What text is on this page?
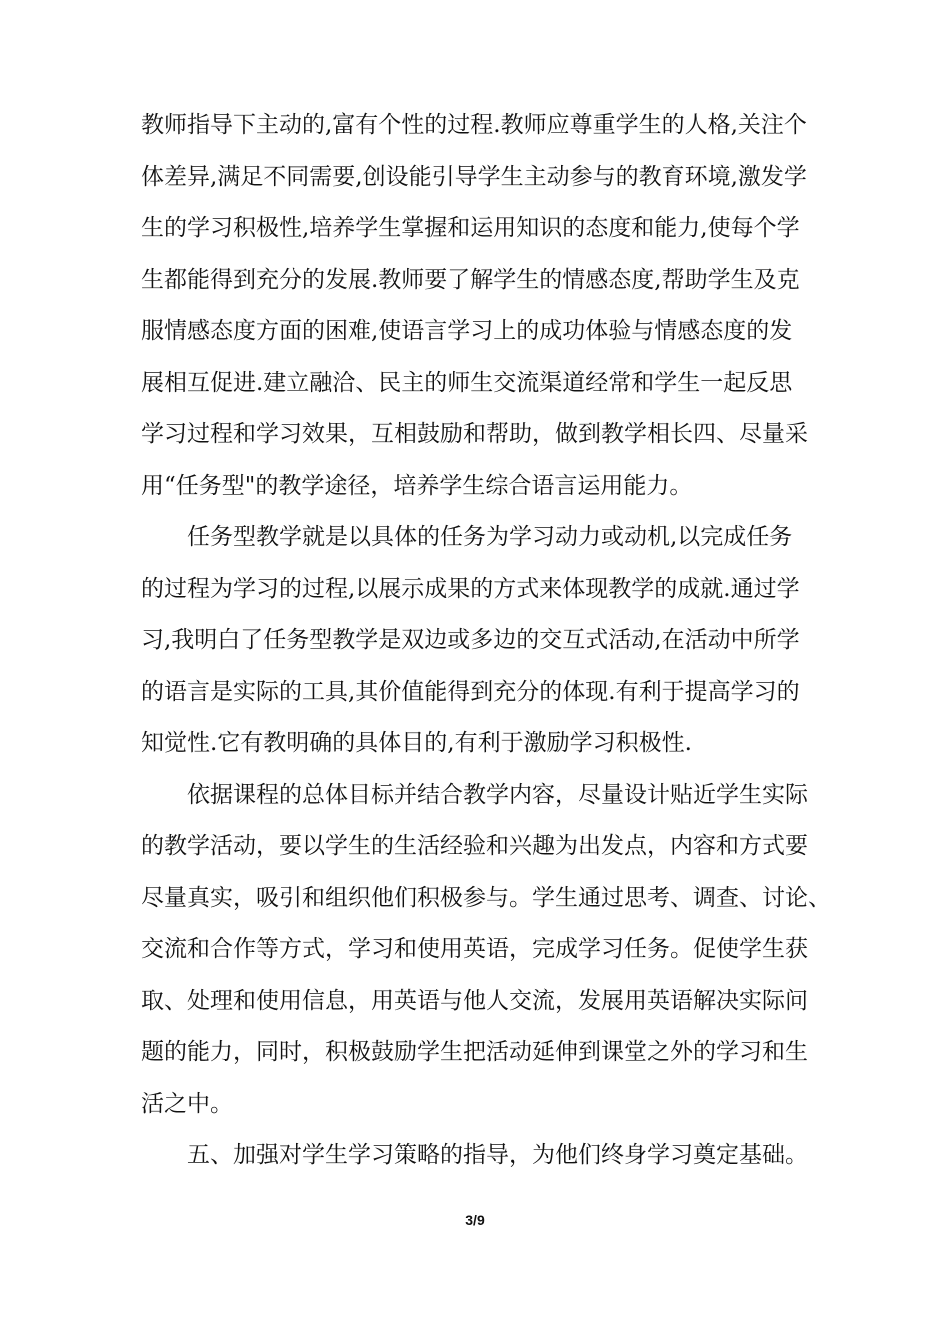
教师指导下主动的,富有个性的过程.教师应尊重学生的人格,关注个
体差异,满足不同需要,创设能引导学生主动参与的教育环境,激发学
生的学习积极性,培养学生掌握和运用知识的态度和能力,使每个学
生都能得到充分的发展.教师要了解学生的情感态度,帮助学生及克
服情感态度方面的困难,使语言学习上的成功体验与情感态度的发
展相互促进.建立融洽、民主的师生交流渠道经常和学生一起反思
学习过程和学习效果，互相鼓励和帮助，做到教学相长四、尽量采
用“任务型"的教学途径，培养学生综合语言运用能力。
　　任务型教学就是以具体的任务为学习动力或动机,以完成任务
的过程为学习的过程,以展示成果的方式来体现教学的成就.通过学
习,我明白了任务型教学是双边或多边的交互式活动,在活动中所学
的语言是实际的工具,其价值能得到充分的体现.有利于提高学习的
知觉性.它有教明确的具体目的,有利于激励学习积极性.
　　依据课程的总体目标并结合教学内容，尽量设计贴近学生实际
的教学活动，要以学生的生活经验和兴趣为出发点，内容和方式要
尽量真实，吸引和组织他们积极参与。学生通过思考、调查、讨论、
交流和合作等方式，学习和使用英语，完成学习任务。促使学生获
取、处理和使用信息，用英语与他人交流，发展用英语解决实际问
题的能力，同时，积极鼓励学生把活动延伸到课堂之外的学习和生
活之中。
　　五、加强对学生学习策略的指导，为他们终身学习奠定基础。
3/9
